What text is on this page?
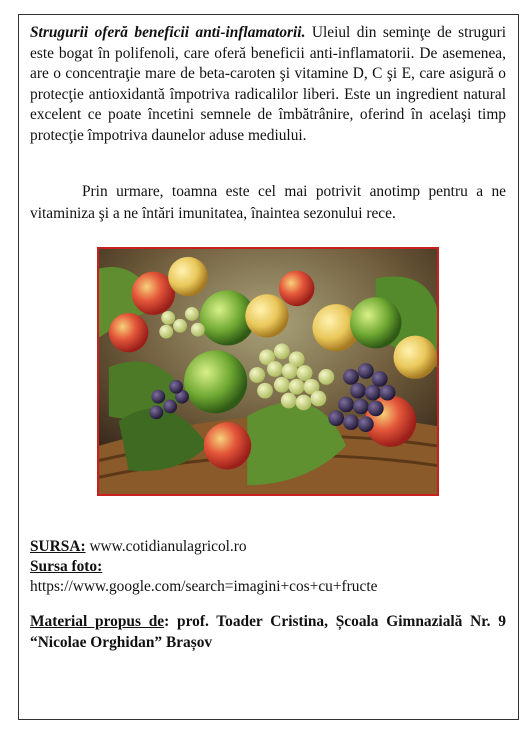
Strugurii oferă beneficii anti-inflamatorii. Uleiul din seminţe de struguri este bogat în polifenoli, care oferă beneficii anti-inflamatorii. De asemenea, are o concentraţie mare de beta-caroten şi vitamine D, C şi E, care asigură o protecţie antioxidantă împotriva radicalilor liberi. Este un ingredient natural excelent ce poate încetini semnele de îmbătrânire, oferind în acelaşi timp protecţie împotriva daunelor aduse mediului.

Prin urmare, toamna este cel mai potrivit anotimp pentru a ne vitaminiza şi a ne întări imunitatea, înaintea sezonului rece.

SURSA: www.cotidianulagricol.ro
Sursa foto:
https://www.google.com/search=imagini+cos+cu+fructe

Material propus de: prof. Toader Cristina, Școala Gimnazială Nr. 9 “Nicolae Orghidan” Brașov
